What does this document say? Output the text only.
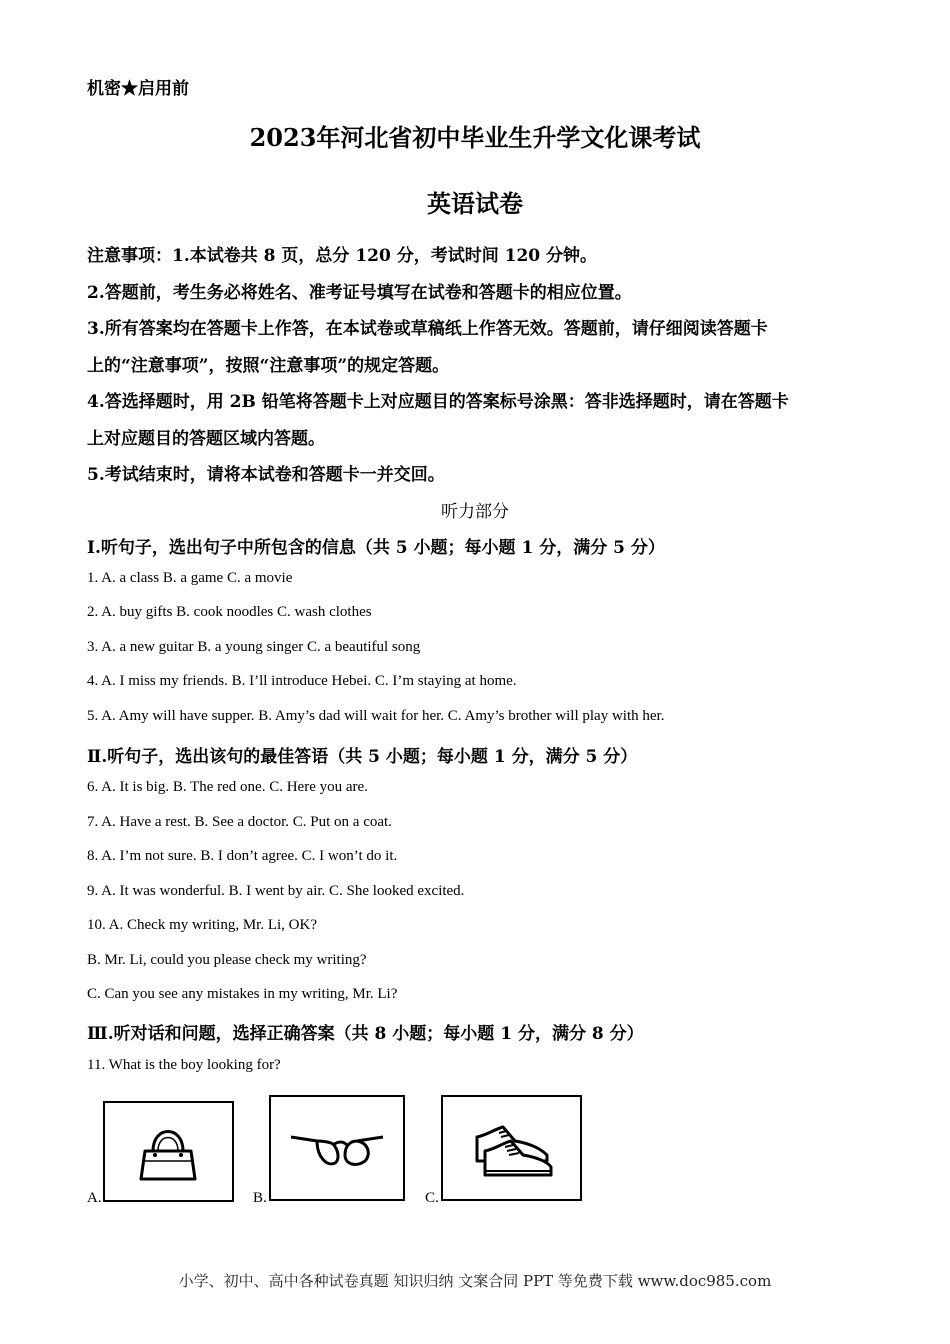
机密★启用前
2023年河北省初中毕业生升学文化课考试
英语试卷
注意事项：1.本试卷共 8 页，总分 120 分，考试时间 120 分钟。
2.答题前，考生务必将姓名、准考证号填写在试卷和答题卡的相应位置。
3.所有答案均在答题卡上作答，在本试卷或草稿纸上作答无效。答题前，请仔细阅读答题卡
上的“注意事项”，按照“注意事项”的规定答题。
4.答选择题时，用 2B 铅笔将答题卡上对应题目的答案标号涂黑：答非选择题时，请在答题卡
上对应题目的答题区域内答题。
5.考试结束时，请将本试卷和答题卡一并交回。
听力部分
Ⅰ.听句子，选出句子中所包含的信息（共 5 小题；每小题 1 分，满分 5 分）
1. A. a class B. a game C. a movie
2. A. buy gifts B. cook noodles C. wash clothes
3. A. a new guitar B. a young singer C. a beautiful song
4. A. I miss my friends. B. I’ll introduce Hebei. C. I’m staying at home.
5. A. Amy will have supper. B. Amy’s dad will wait for her. C. Amy’s brother will play with her.
Ⅱ.听句子，选出该句的最佳答语（共 5 小题；每小题 1 分，满分 5 分）
6. A. It is big. B. The red one. C. Here you are.
7. A. Have a rest. B. See a doctor. C. Put on a coat.
8. A. I’m not sure. B. I don’t agree. C. I won’t do it.
9. A. It was wonderful. B. I went by air. C. She looked excited.
10. A. Check my writing, Mr. Li, OK?
B. Mr. Li, could you please check my writing?
C. Can you see any mistakes in my writing, Mr. Li?
Ⅲ.听对话和问题，选择正确答案（共 8 小题；每小题 1 分，满分 8 分）
11. What is the boy looking for?
A.	B.	C.
小学、初中、高中各种试卷真题 知识归纳 文案合同 PPT 等免费下载 www.doc985.com
